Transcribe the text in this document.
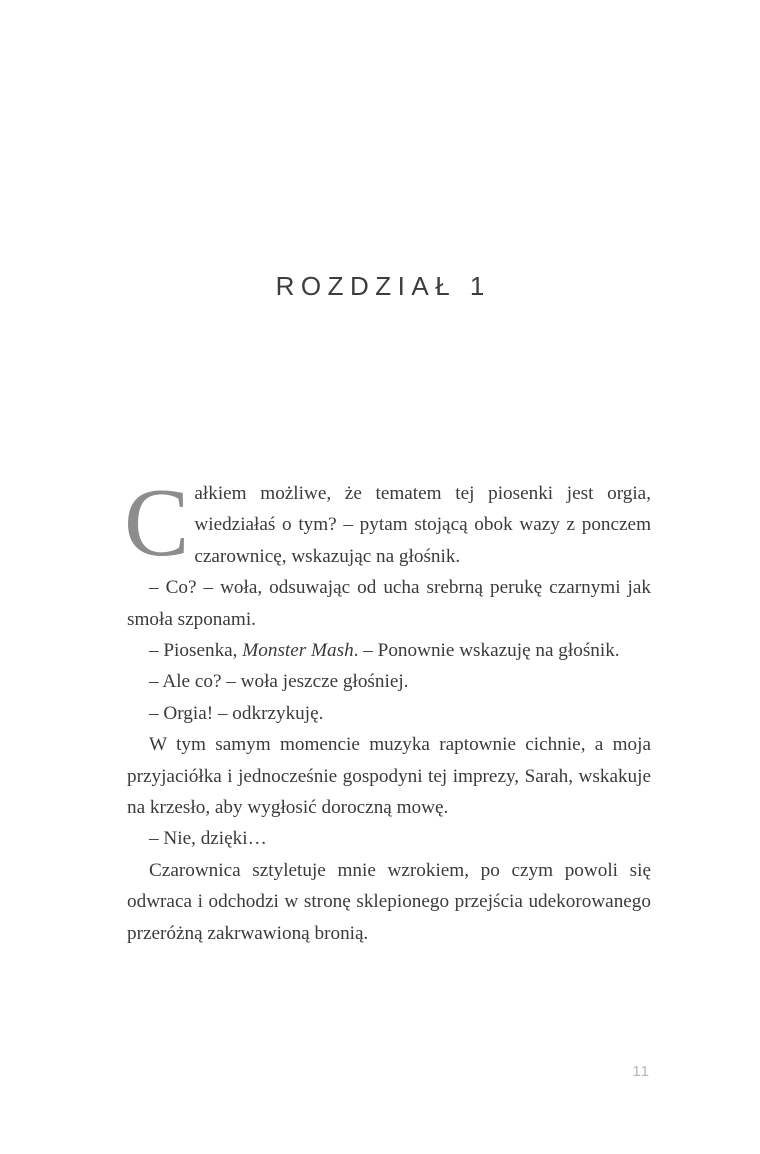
ROZDZIAŁ 1

Całkiem możliwe, że tematem tej piosenki jest orgia, wiedziałaś o tym? – pytam stojącą obok wazy z ponczem czarownicę, wskazując na głośnik.

– Co? – woła, odsuwając od ucha srebrną perukę czarnymi jak smoła szponami.

– Piosenka, Monster Mash. – Ponownie wskazuję na głośnik.

– Ale co? – woła jeszcze głośniej.

– Orgia! – odkrzykuję.

W tym samym momencie muzyka raptownie cichnie, a moja przyjaciółka i jednocześnie gospodyni tej imprezy, Sarah, wskakuje na krzesło, aby wygłosić doroczną mowę.

– Nie, dzięki…

Czarownica sztyletuje mnie wzrokiem, po czym powoli się odwraca i odchodzi w stronę sklepionego przejścia udekorowanego przeróżną zakrwawioną bronią.

11
